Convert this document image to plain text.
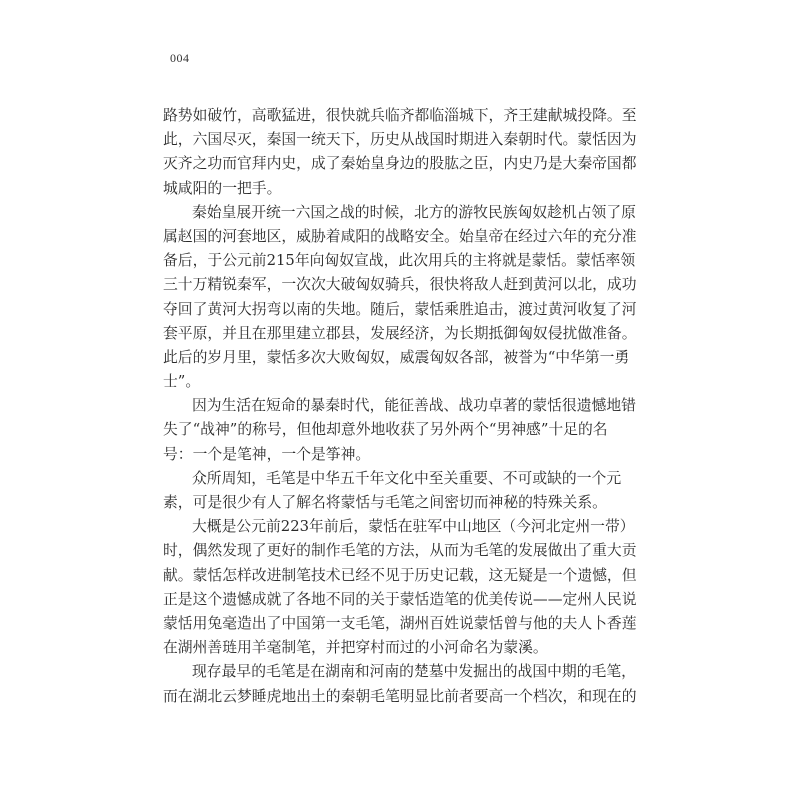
004
路势如破竹，高歌猛进，很快就兵临齐都临淄城下，齐王建献城投降。至
此，六国尽灭，秦国一统天下，历史从战国时期进入秦朝时代。蒙恬因为
灭齐之功而官拜内史，成了秦始皇身边的股肱之臣，内史乃是大秦帝国都
城咸阳的一把手。
秦始皇展开统一六国之战的时候，北方的游牧民族匈奴趁机占领了原
属赵国的河套地区，威胁着咸阳的战略安全。始皇帝在经过六年的充分准
备后，于公元前215年向匈奴宣战，此次用兵的主将就是蒙恬。蒙恬率领
三十万精锐秦军，一次次大破匈奴骑兵，很快将敌人赶到黄河以北，成功
夺回了黄河大拐弯以南的失地。随后，蒙恬乘胜追击，渡过黄河收复了河
套平原，并且在那里建立郡县，发展经济，为长期抵御匈奴侵扰做准备。
此后的岁月里，蒙恬多次大败匈奴，威震匈奴各部，被誉为“中华第一勇
士”。
因为生活在短命的暴秦时代，能征善战、战功卓著的蒙恬很遗憾地错
失了“战神”的称号，但他却意外地收获了另外两个“男神感”十足的名
号：一个是笔神，一个是筝神。
众所周知，毛笔是中华五千年文化中至关重要、不可或缺的一个元
素，可是很少有人了解名将蒙恬与毛笔之间密切而神秘的特殊关系。
大概是公元前223年前后，蒙恬在驻军中山地区（今河北定州一带）
时，偶然发现了更好的制作毛笔的方法，从而为毛笔的发展做出了重大贡
献。蒙恬怎样改进制笔技术已经不见于历史记载，这无疑是一个遗憾，但
正是这个遗憾成就了各地不同的关于蒙恬造笔的优美传说——定州人民说
蒙恬用兔毫造出了中国第一支毛笔，湖州百姓说蒙恬曾与他的夫人卜香莲
在湖州善琏用羊毫制笔，并把穿村而过的小河命名为蒙溪。
现存最早的毛笔是在湖南和河南的楚墓中发掘出的战国中期的毛笔，
而在湖北云梦睡虎地出土的秦朝毛笔明显比前者要高一个档次，和现在的
